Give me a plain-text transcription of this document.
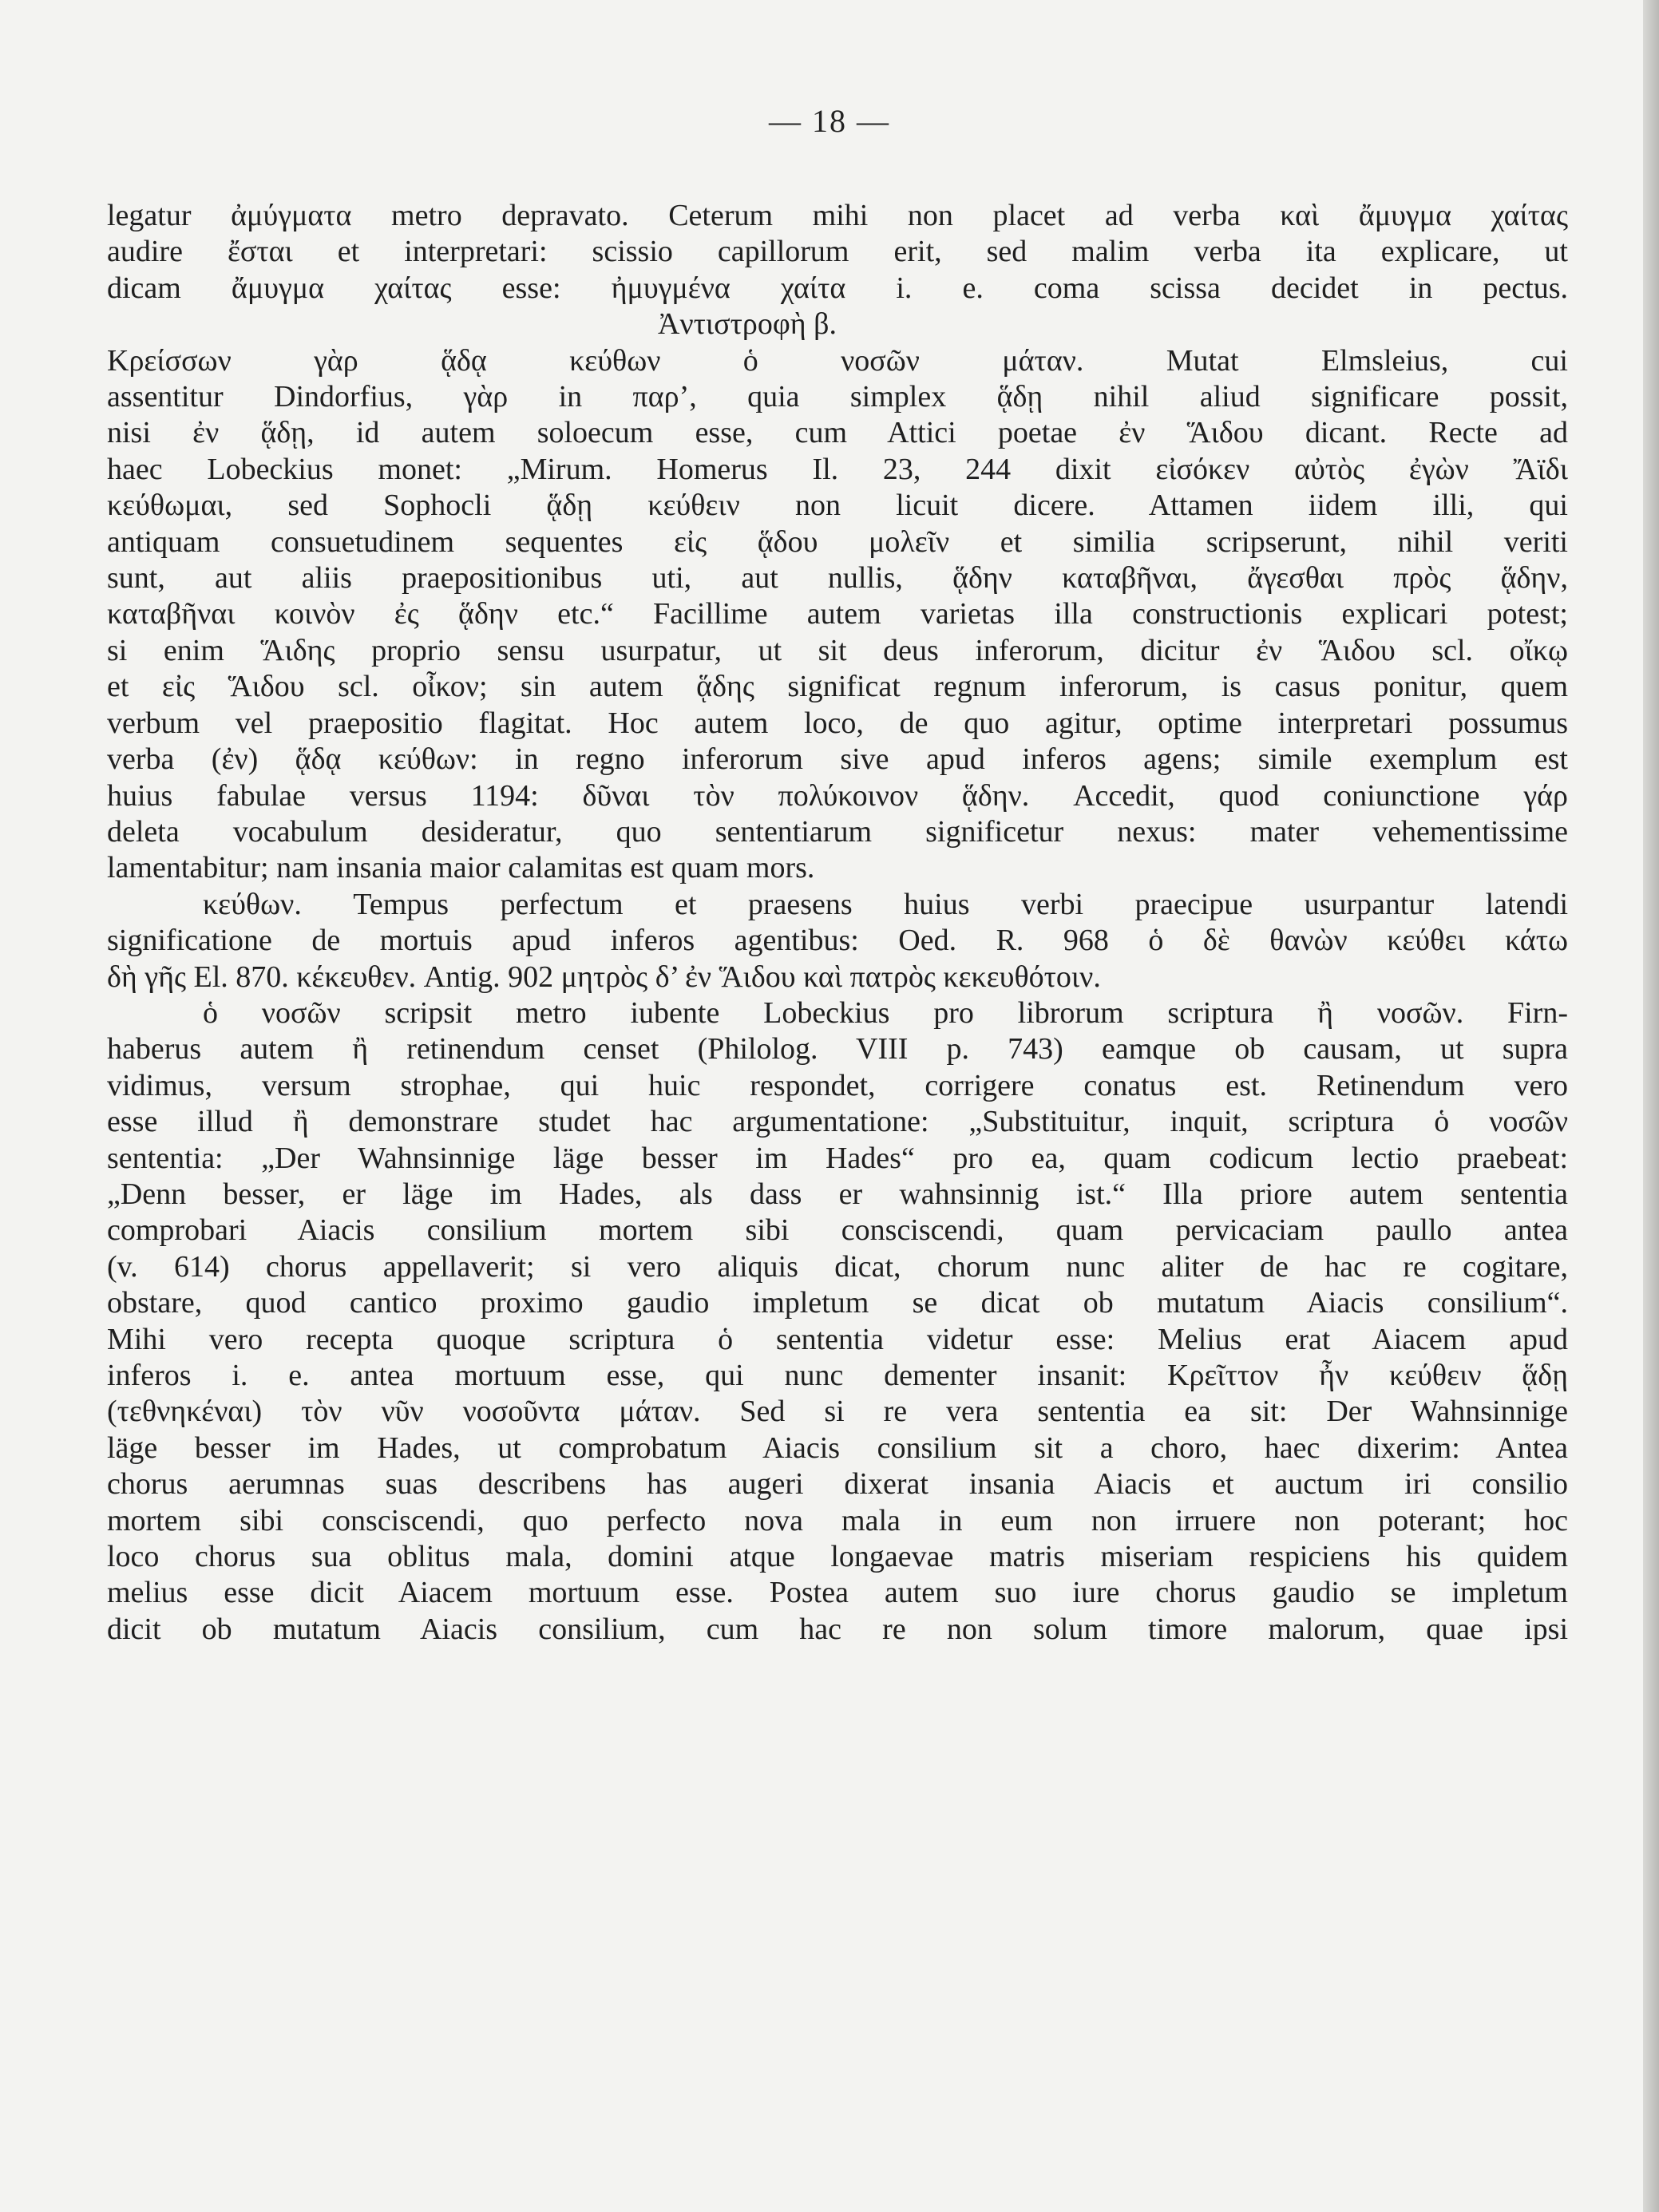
— 18 —
legatur ἀμύγματα metro depravato. Ceterum mihi non placet ad verba καὶ ἄμυγμα χαίτας
audire ἔσται et interpretari: scissio capillorum erit, sed malim verba ita explicare, ut
dicam ἄμυγμα χαίτας esse: ἠμυγμένα χαίτα i. e. coma scissa decidet in pectus.
Ἀντιστροφὴ β.
Κρείσσων γὰρ ᾅδᾳ κεύθων ὁ νοσῶν μάταν. Mutat Elmsleius, cui
assentitur Dindorfius, γὰρ in παρ’, quia simplex ᾅδῃ nihil aliud significare possit,
nisi ἐν ᾅδῃ, id autem soloecum esse, cum Attici poetae ἐν Ἅιδου dicant. Recte ad
haec Lobeckius monet: „Mirum. Homerus Il. 23, 244 dixit εἰσόκεν αὐτὸς ἐγὼν Ἄϊδι
κεύθωμαι, sed Sophocli ᾅδῃ κεύθειν non licuit dicere. Attamen iidem illi, qui
antiquam consuetudinem sequentes εἰς ᾅδου μολεῖν et similia scripserunt, nihil veriti
sunt, aut aliis praepositionibus uti, aut nullis, ᾅδην καταβῆναι, ἄγεσθαι πρὸς ᾅδην,
καταβῆναι κοινὸν ἐς ᾅδην etc.“ Facillime autem varietas illa constructionis explicari potest;
si enim Ἅιδης proprio sensu usurpatur, ut sit deus inferorum, dicitur ἐν Ἅιδου scl. οἴκῳ
et εἰς Ἅιδου scl. οἶκον; sin autem ᾅδης significat regnum inferorum, is casus ponitur, quem
verbum vel praepositio flagitat. Hoc autem loco, de quo agitur, optime interpretari possumus
verba (ἐν) ᾅδᾳ κεύθων: in regno inferorum sive apud inferos agens; simile exemplum est
huius fabulae versus 1194: δῦναι τὸν πολύκοινον ᾅδην. Accedit, quod coniunctione γάρ
deleta vocabulum desideratur, quo sententiarum significetur nexus: mater vehementissime
lamentabitur; nam insania maior calamitas est quam mors.
κεύθων. Tempus perfectum et praesens huius verbi praecipue usurpantur latendi
significatione de mortuis apud inferos agentibus: Oed. R. 968 ὁ δὲ θανὼν κεύθει κάτω
δὴ γῆς El. 870. κέκευθεν. Antig. 902 μητρὸς δ’ ἐν Ἅιδου καὶ πατρὸς κεκευθότοιν.
ὁ νοσῶν scripsit metro iubente Lobeckius pro librorum scriptura ἢ νοσῶν. Firn-
haberus autem ἢ retinendum censet (Philolog. VIII p. 743) eamque ob causam, ut supra
vidimus, versum strophae, qui huic respondet, corrigere conatus est. Retinendum vero
esse illud ἢ demonstrare studet hac argumentatione: „Substituitur, inquit, scriptura ὁ νοσῶν
sententia: „Der Wahnsinnige läge besser im Hades“ pro ea, quam codicum lectio praebeat:
„Denn besser, er läge im Hades, als dass er wahnsinnig ist.“ Illa priore autem sententia
comprobari Aiacis consilium mortem sibi consciscendi, quam pervicaciam paullo antea
(v. 614) chorus appellaverit; si vero aliquis dicat, chorum nunc aliter de hac re cogitare,
obstare, quod cantico proximo gaudio impletum se dicat ob mutatum Aiacis consilium“.
Mihi vero recepta quoque scriptura ὁ sententia videtur esse: Melius erat Aiacem apud
inferos i. e. antea mortuum esse, qui nunc dementer insanit: Κρεῖττον ἦν κεύθειν ᾅδῃ
(τεθνηκέναι) τὸν νῦν νοσοῦντα μάταν. Sed si re vera sententia ea sit: Der Wahnsinnige
läge besser im Hades, ut comprobatum Aiacis consilium sit a choro, haec dixerim: Antea
chorus aerumnas suas describens has augeri dixerat insania Aiacis et auctum iri consilio
mortem sibi consciscendi, quo perfecto nova mala in eum non irruere non poterant; hoc
loco chorus sua oblitus mala, domini atque longaevae matris miseriam respiciens his quidem
melius esse dicit Aiacem mortuum esse. Postea autem suo iure chorus gaudio se impletum
dicit ob mutatum Aiacis consilium, cum hac re non solum timore malorum, quae ipsi
